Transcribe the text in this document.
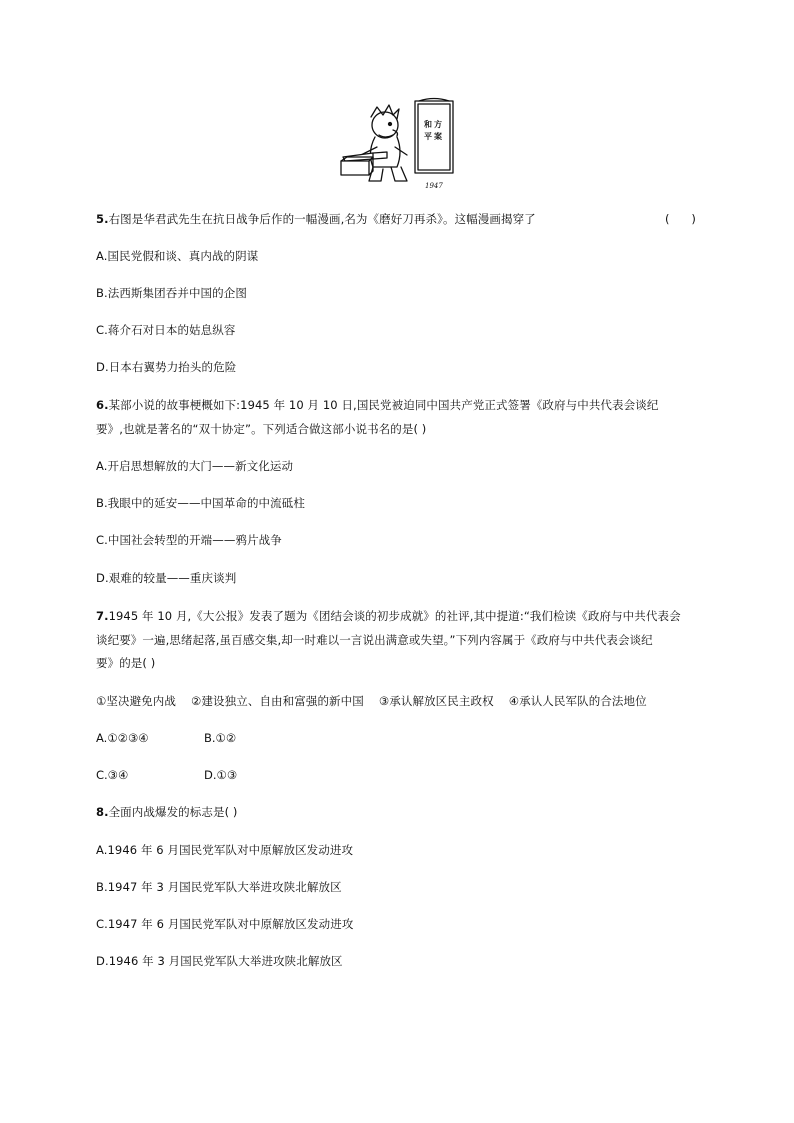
和 方
平 案
1947
5.右图是华君武先生在抗日战争后作的一幅漫画,名为《磨好刀再杀》。这幅漫画揭穿了	(      )
A.国民党假和谈、真内战的阴谋
B.法西斯集团吞并中国的企图
C.蒋介石对日本的姑息纵容
D.日本右翼势力抬头的危险
6.某部小说的故事梗概如下:1945 年 10 月 10 日,国民党被迫同中国共产党正式签署《政府与中共代表会谈纪
要》,也就是著名的“双十协定”。下列适合做这部小说书名的是( )
A.开启思想解放的大门——新文化运动
B.我眼中的延安——中国革命的中流砥柱
C.中国社会转型的开端——鸦片战争
D.艰难的较量——重庆谈判
7.1945 年 10 月,《大公报》发表了题为《团结会谈的初步成就》的社评,其中提道:“我们检读《政府与中共代表会
谈纪要》一遍,思绪起落,虽百感交集,却一时难以一言说出满意或失望。”下列内容属于《政府与中共代表会谈纪
要》的是( )
①坚决避免内战    ②建设独立、自由和富强的新中国    ③承认解放区民主政权    ④承认人民军队的合法地位
A.①②③④	B.①②
C.③④	D.①③
8.全面内战爆发的标志是( )
A.1946 年 6 月国民党军队对中原解放区发动进攻
B.1947 年 3 月国民党军队大举进攻陕北解放区
C.1947 年 6 月国民党军队对中原解放区发动进攻
D.1946 年 3 月国民党军队大举进攻陕北解放区
